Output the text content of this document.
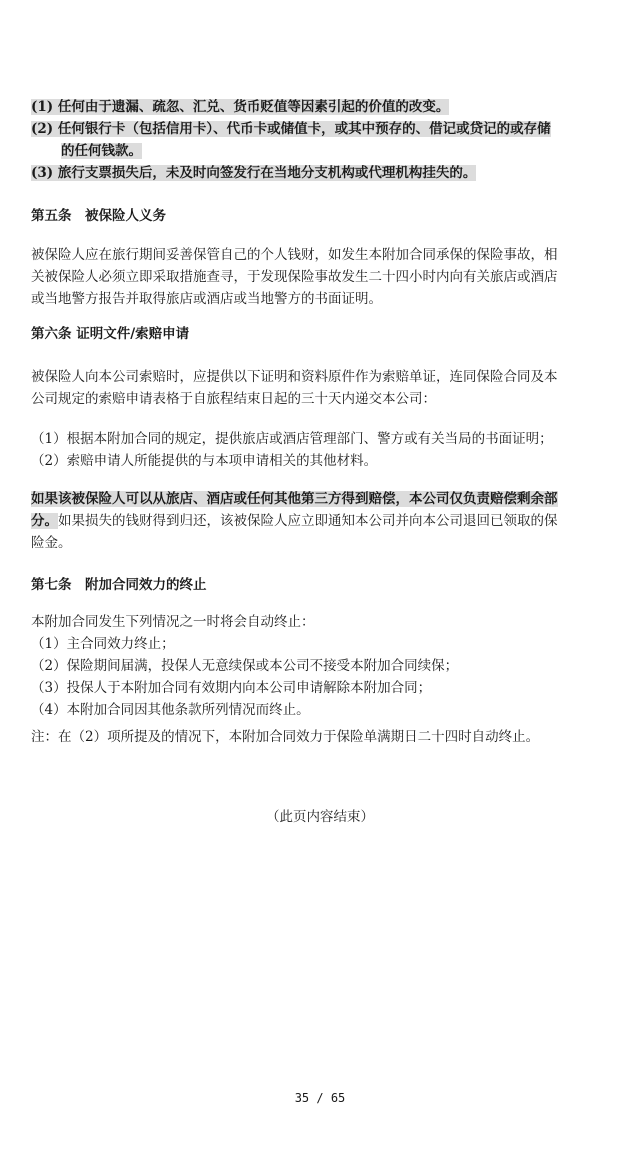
(1) 任何由于遗漏、疏忽、汇兑、货币贬值等因素引起的价值的改变。
(2) 任何银行卡（包括信用卡）、代币卡或储值卡，或其中预存的、借记或贷记的或存储
的任何钱款。
(3) 旅行支票损失后，未及时向签发行在当地分支机构或代理机构挂失的。
第五条　被保险人义务
被保险人应在旅行期间妥善保管自己的个人钱财，如发生本附加合同承保的保险事故，相
关被保险人必须立即采取措施查寻，于发现保险事故发生二十四小时内向有关旅店或酒店
或当地警方报告并取得旅店或酒店或当地警方的书面证明。
第六条 证明文件/索赔申请
被保险人向本公司索赔时，应提供以下证明和资料原件作为索赔单证，连同保险合同及本
公司规定的索赔申请表格于自旅程结束日起的三十天内递交本公司：
（1）根据本附加合同的规定，提供旅店或酒店管理部门、警方或有关当局的书面证明；
（2）索赔申请人所能提供的与本项申请相关的其他材料。
如果该被保险人可以从旅店、酒店或任何其他第三方得到赔偿，本公司仅负责赔偿剩余部
分。如果损失的钱财得到归还，该被保险人应立即通知本公司并向本公司退回已领取的保
险金。
第七条　附加合同效力的终止
本附加合同发生下列情况之一时将会自动终止：
（1）主合同效力终止；
（2）保险期间届满，投保人无意续保或本公司不接受本附加合同续保；
（3）投保人于本附加合同有效期内向本公司申请解除本附加合同；
（4）本附加合同因其他条款所列情况而终止。
注：在（2）项所提及的情况下，本附加合同效力于保险单满期日二十四时自动终止。
（此页内容结束）
35 / 65
